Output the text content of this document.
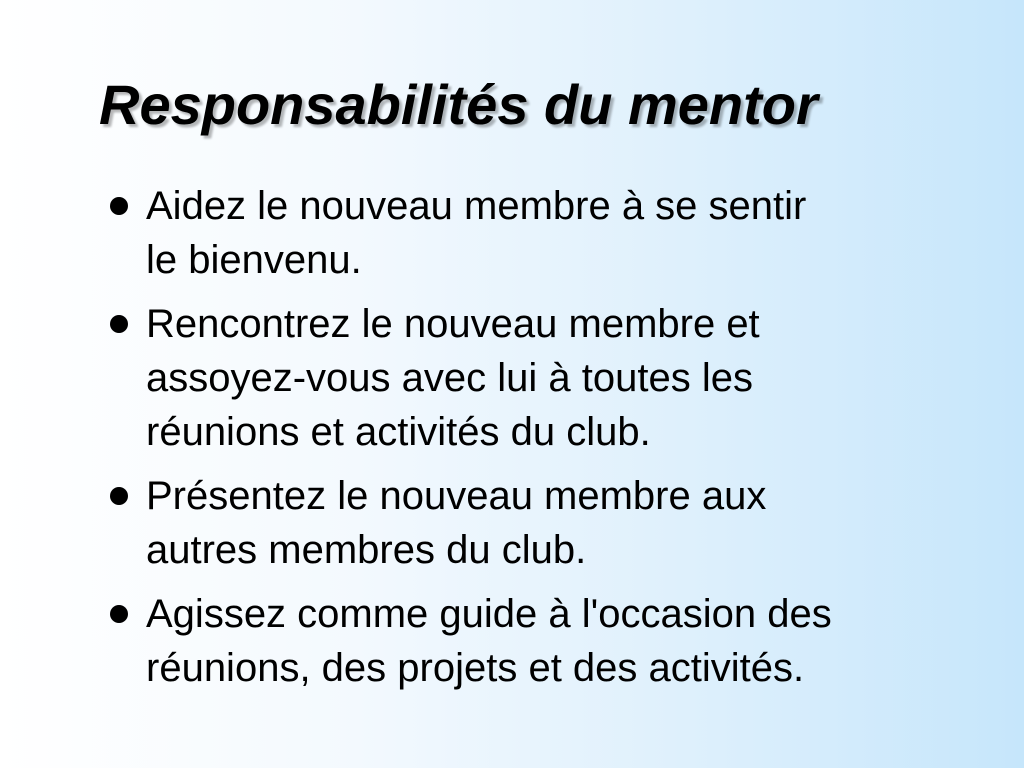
Responsabilités du mentor
Aidez le nouveau membre à se sentir
le bienvenu.
Rencontrez le nouveau membre et
assoyez-vous avec lui à toutes les
réunions et activités du club.
Présentez le nouveau membre aux
autres membres du club.
Agissez comme guide à l'occasion des
réunions, des projets et des activités.
